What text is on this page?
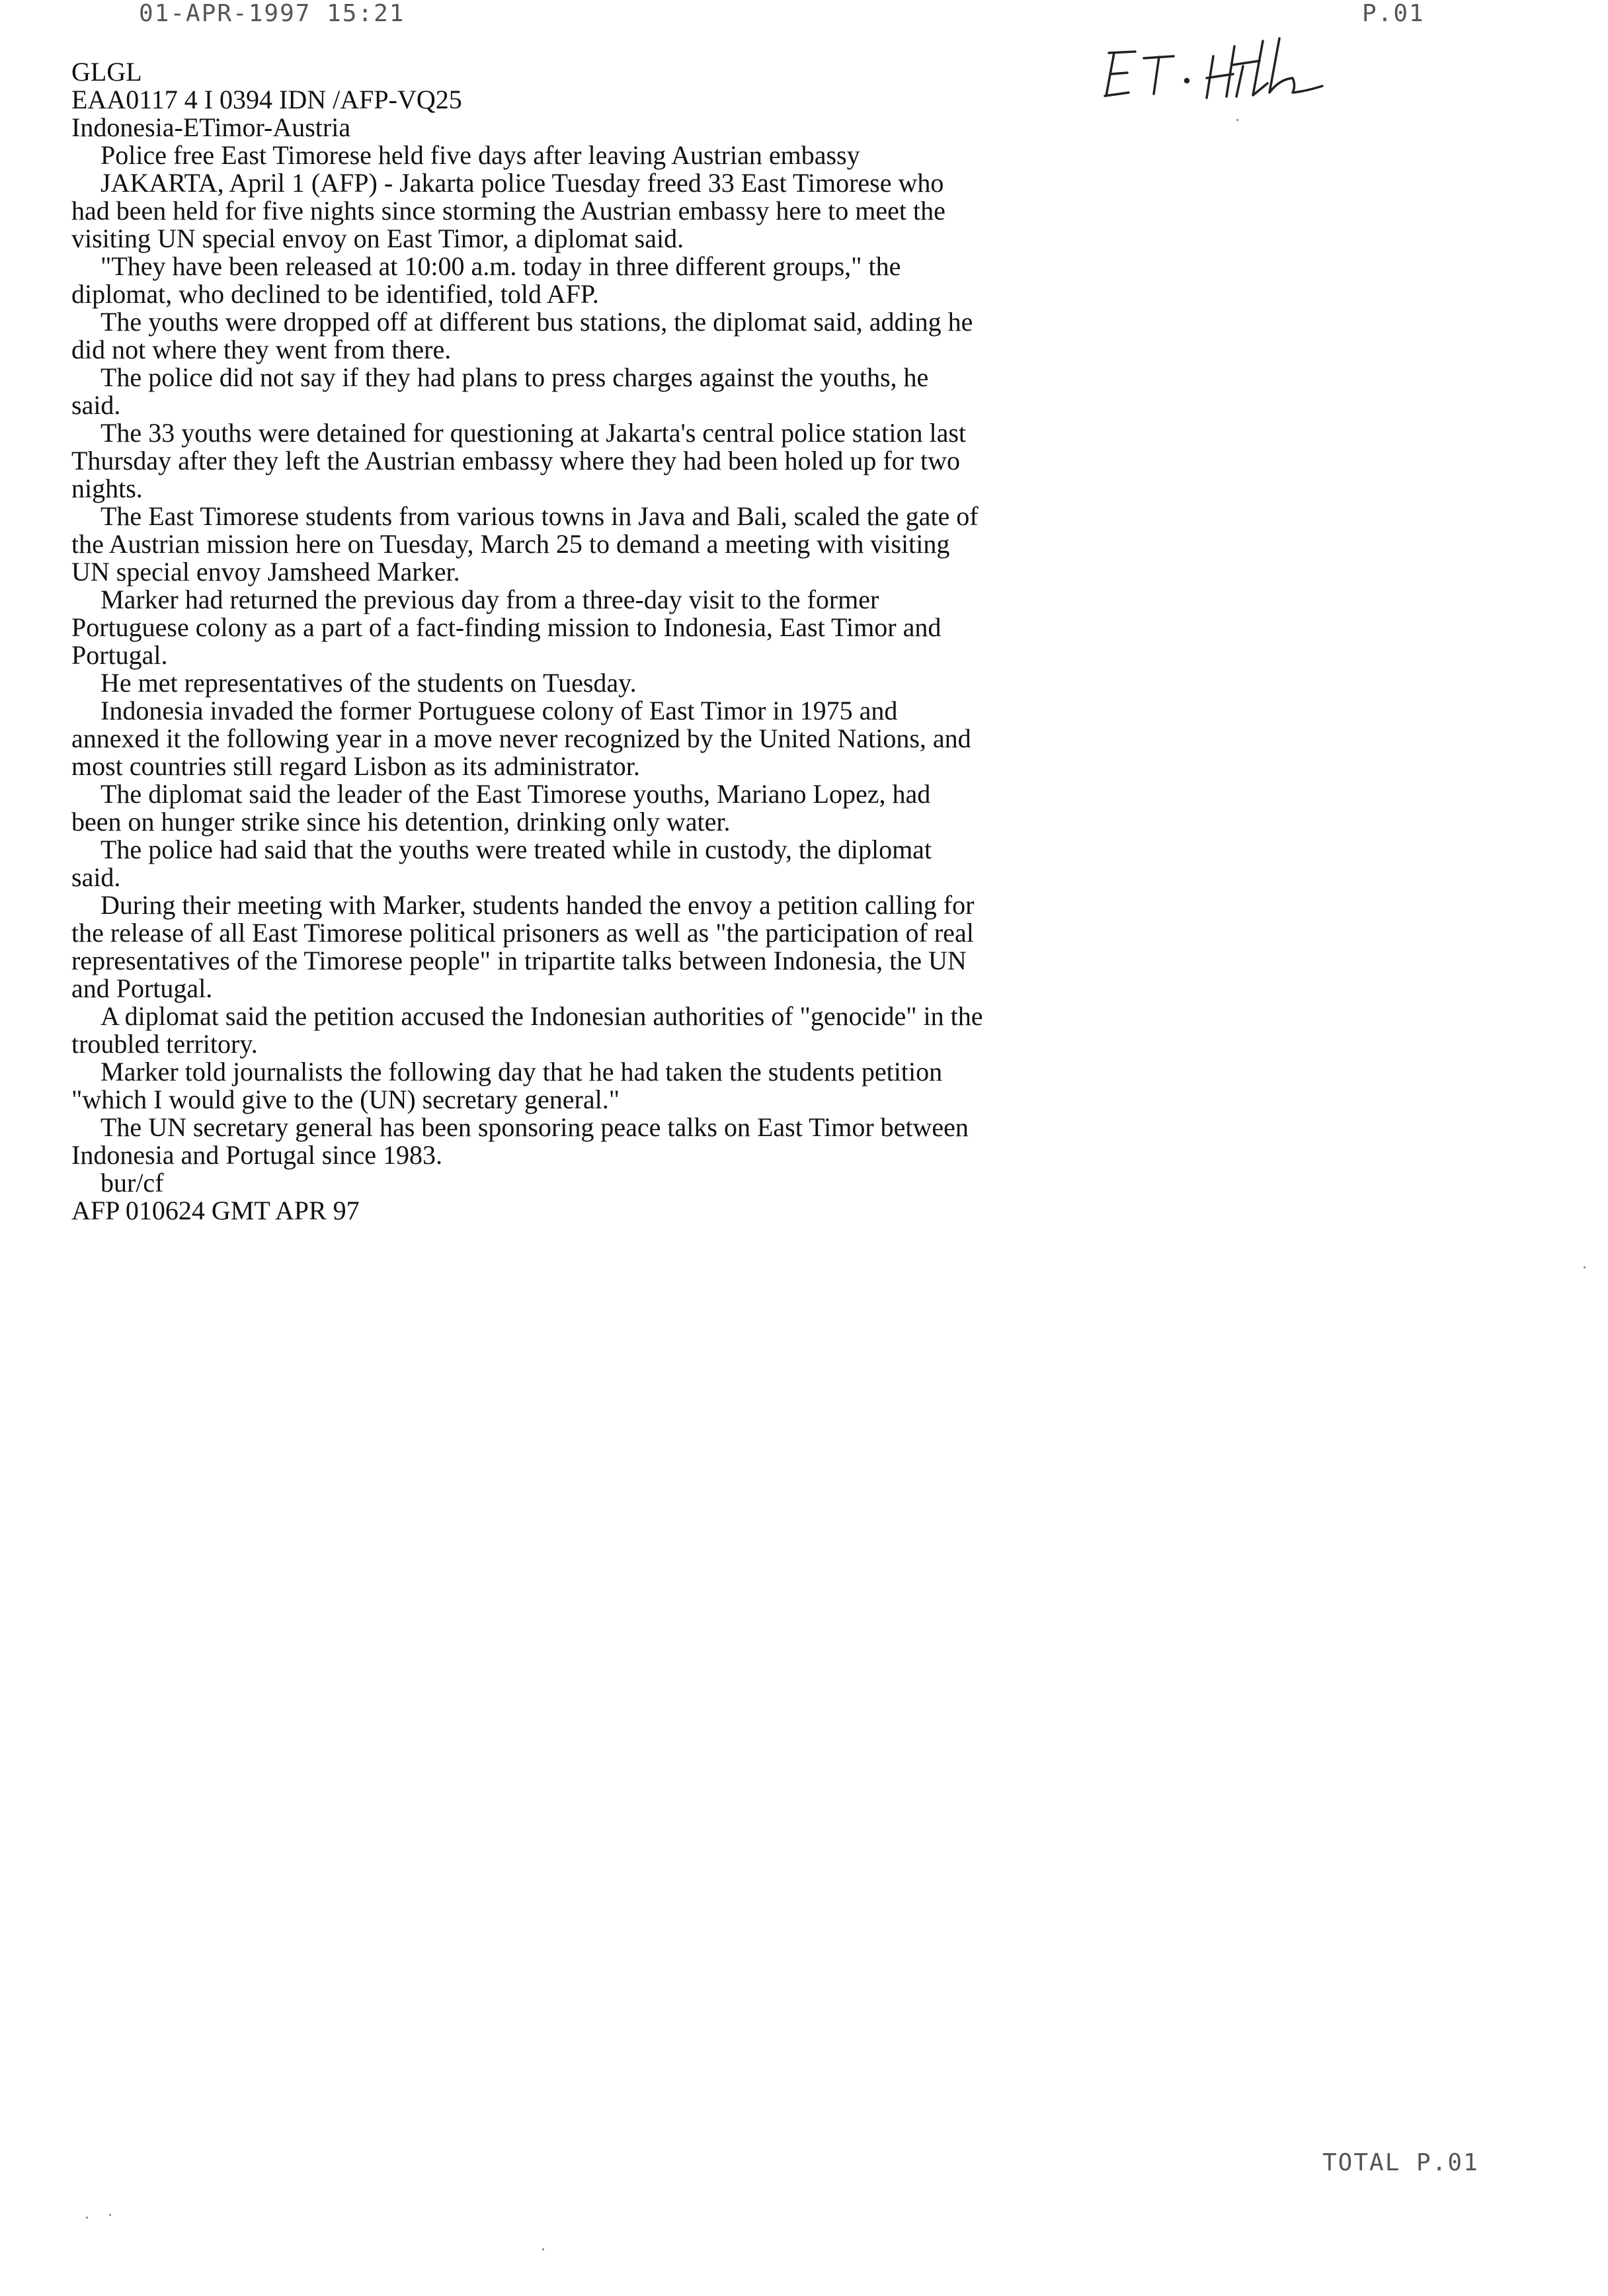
01-APR-1997 15:21	P.01
GLGL
EAA0117 4 I 0394 IDN /AFP-VQ25
Indonesia-ETimor-Austria

Police free East Timorese held five days after leaving Austrian embassy

JAKARTA, April 1 (AFP) - Jakarta police Tuesday freed 33 East Timorese who had been held for five nights since storming the Austrian embassy here to meet the visiting UN special envoy on East Timor, a diplomat said.

"They have been released at 10:00 a.m. today in three different groups," the diplomat, who declined to be identified, told AFP.

The youths were dropped off at different bus stations, the diplomat said, adding he did not where they went from there.

The police did not say if they had plans to press charges against the youths, he said.

The 33 youths were detained for questioning at Jakarta's central police station last Thursday after they left the Austrian embassy where they had been holed up for two nights.

The East Timorese students from various towns in Java and Bali, scaled the gate of the Austrian mission here on Tuesday, March 25 to demand a meeting with visiting UN special envoy Jamsheed Marker.

Marker had returned the previous day from a three-day visit to the former Portuguese colony as a part of a fact-finding mission to Indonesia, East Timor and Portugal.

He met representatives of the students on Tuesday.

Indonesia invaded the former Portuguese colony of East Timor in 1975 and annexed it the following year in a move never recognized by the United Nations, and most countries still regard Lisbon as its administrator.

The diplomat said the leader of the East Timorese youths, Mariano Lopez, had been on hunger strike since his detention, drinking only water.

The police had said that the youths were treated while in custody, the diplomat said.

During their meeting with Marker, students handed the envoy a petition calling for the release of all East Timorese political prisoners as well as "the participation of real representatives of the Timorese people" in tripartite talks between Indonesia, the UN and Portugal.

A diplomat said the petition accused the Indonesian authorities of "genocide" in the troubled territory.

Marker told journalists the following day that he had taken the students petition "which I would give to the (UN) secretary general."

The UN secretary general has been sponsoring peace talks on East Timor between Indonesia and Portugal since 1983.

bur/cf

AFP 010624 GMT APR 97
TOTAL P.01
